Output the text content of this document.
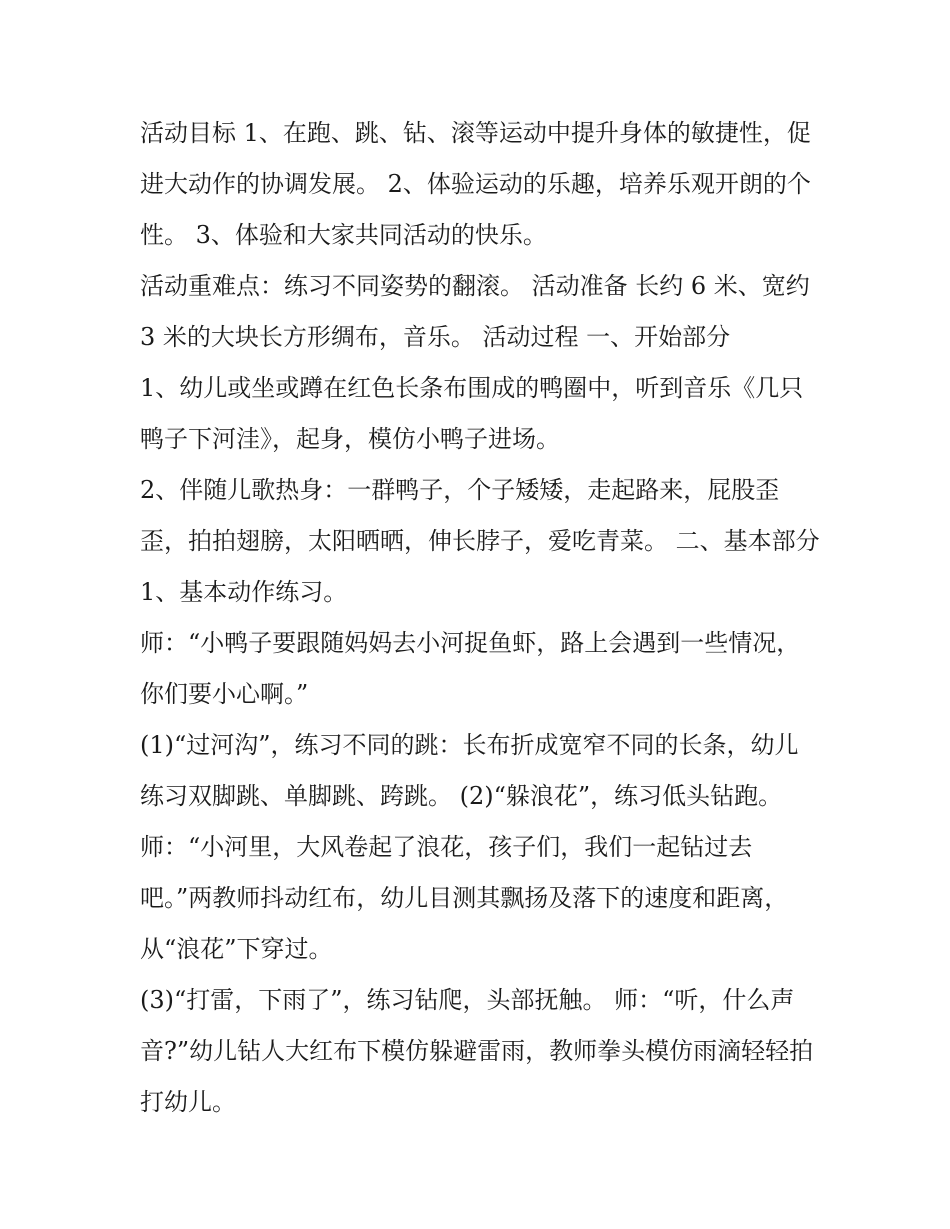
活动目标 1、在跑、跳、钻、滚等运动中提升身体的敏捷性，促进大动作的协调发展。 2、体验运动的乐趣，培养乐观开朗的个性。 3、体验和大家共同活动的快乐。

活动重难点：练习不同姿势的翻滚。 活动准备 长约 6 米、宽约 3 米的大块长方形绸布，音乐。 活动过程 一、开始部分

1、幼儿或坐或蹲在红色长条布围成的鸭圈中，听到音乐《几只鸭子下河洼》，起身，模仿小鸭子进场。

2、伴随儿歌热身：一群鸭子，个子矮矮，走起路来，屁股歪歪，拍拍翅膀，太阳晒晒，伸长脖子，爱吃青菜。 二、基本部分 1、基本动作练习。

师：“小鸭子要跟随妈妈去小河捉鱼虾，路上会遇到一些情况，你们要小心啊。”

(1)“过河沟”，练习不同的跳：长布折成宽窄不同的长条，幼儿练习双脚跳、单脚跳、跨跳。 (2)“躲浪花”，练习低头钻跑。 师：“小河里，大风卷起了浪花，孩子们，我们一起钻过去吧。”两教师抖动红布，幼儿目测其飘扬及落下的速度和距离，从“浪花”下穿过。

(3)“打雷，下雨了”，练习钻爬，头部抚触。 师：“听，什么声音?”幼儿钻人大红布下模仿躲避雷雨，教师拳头模仿雨滴轻轻拍打幼儿。
